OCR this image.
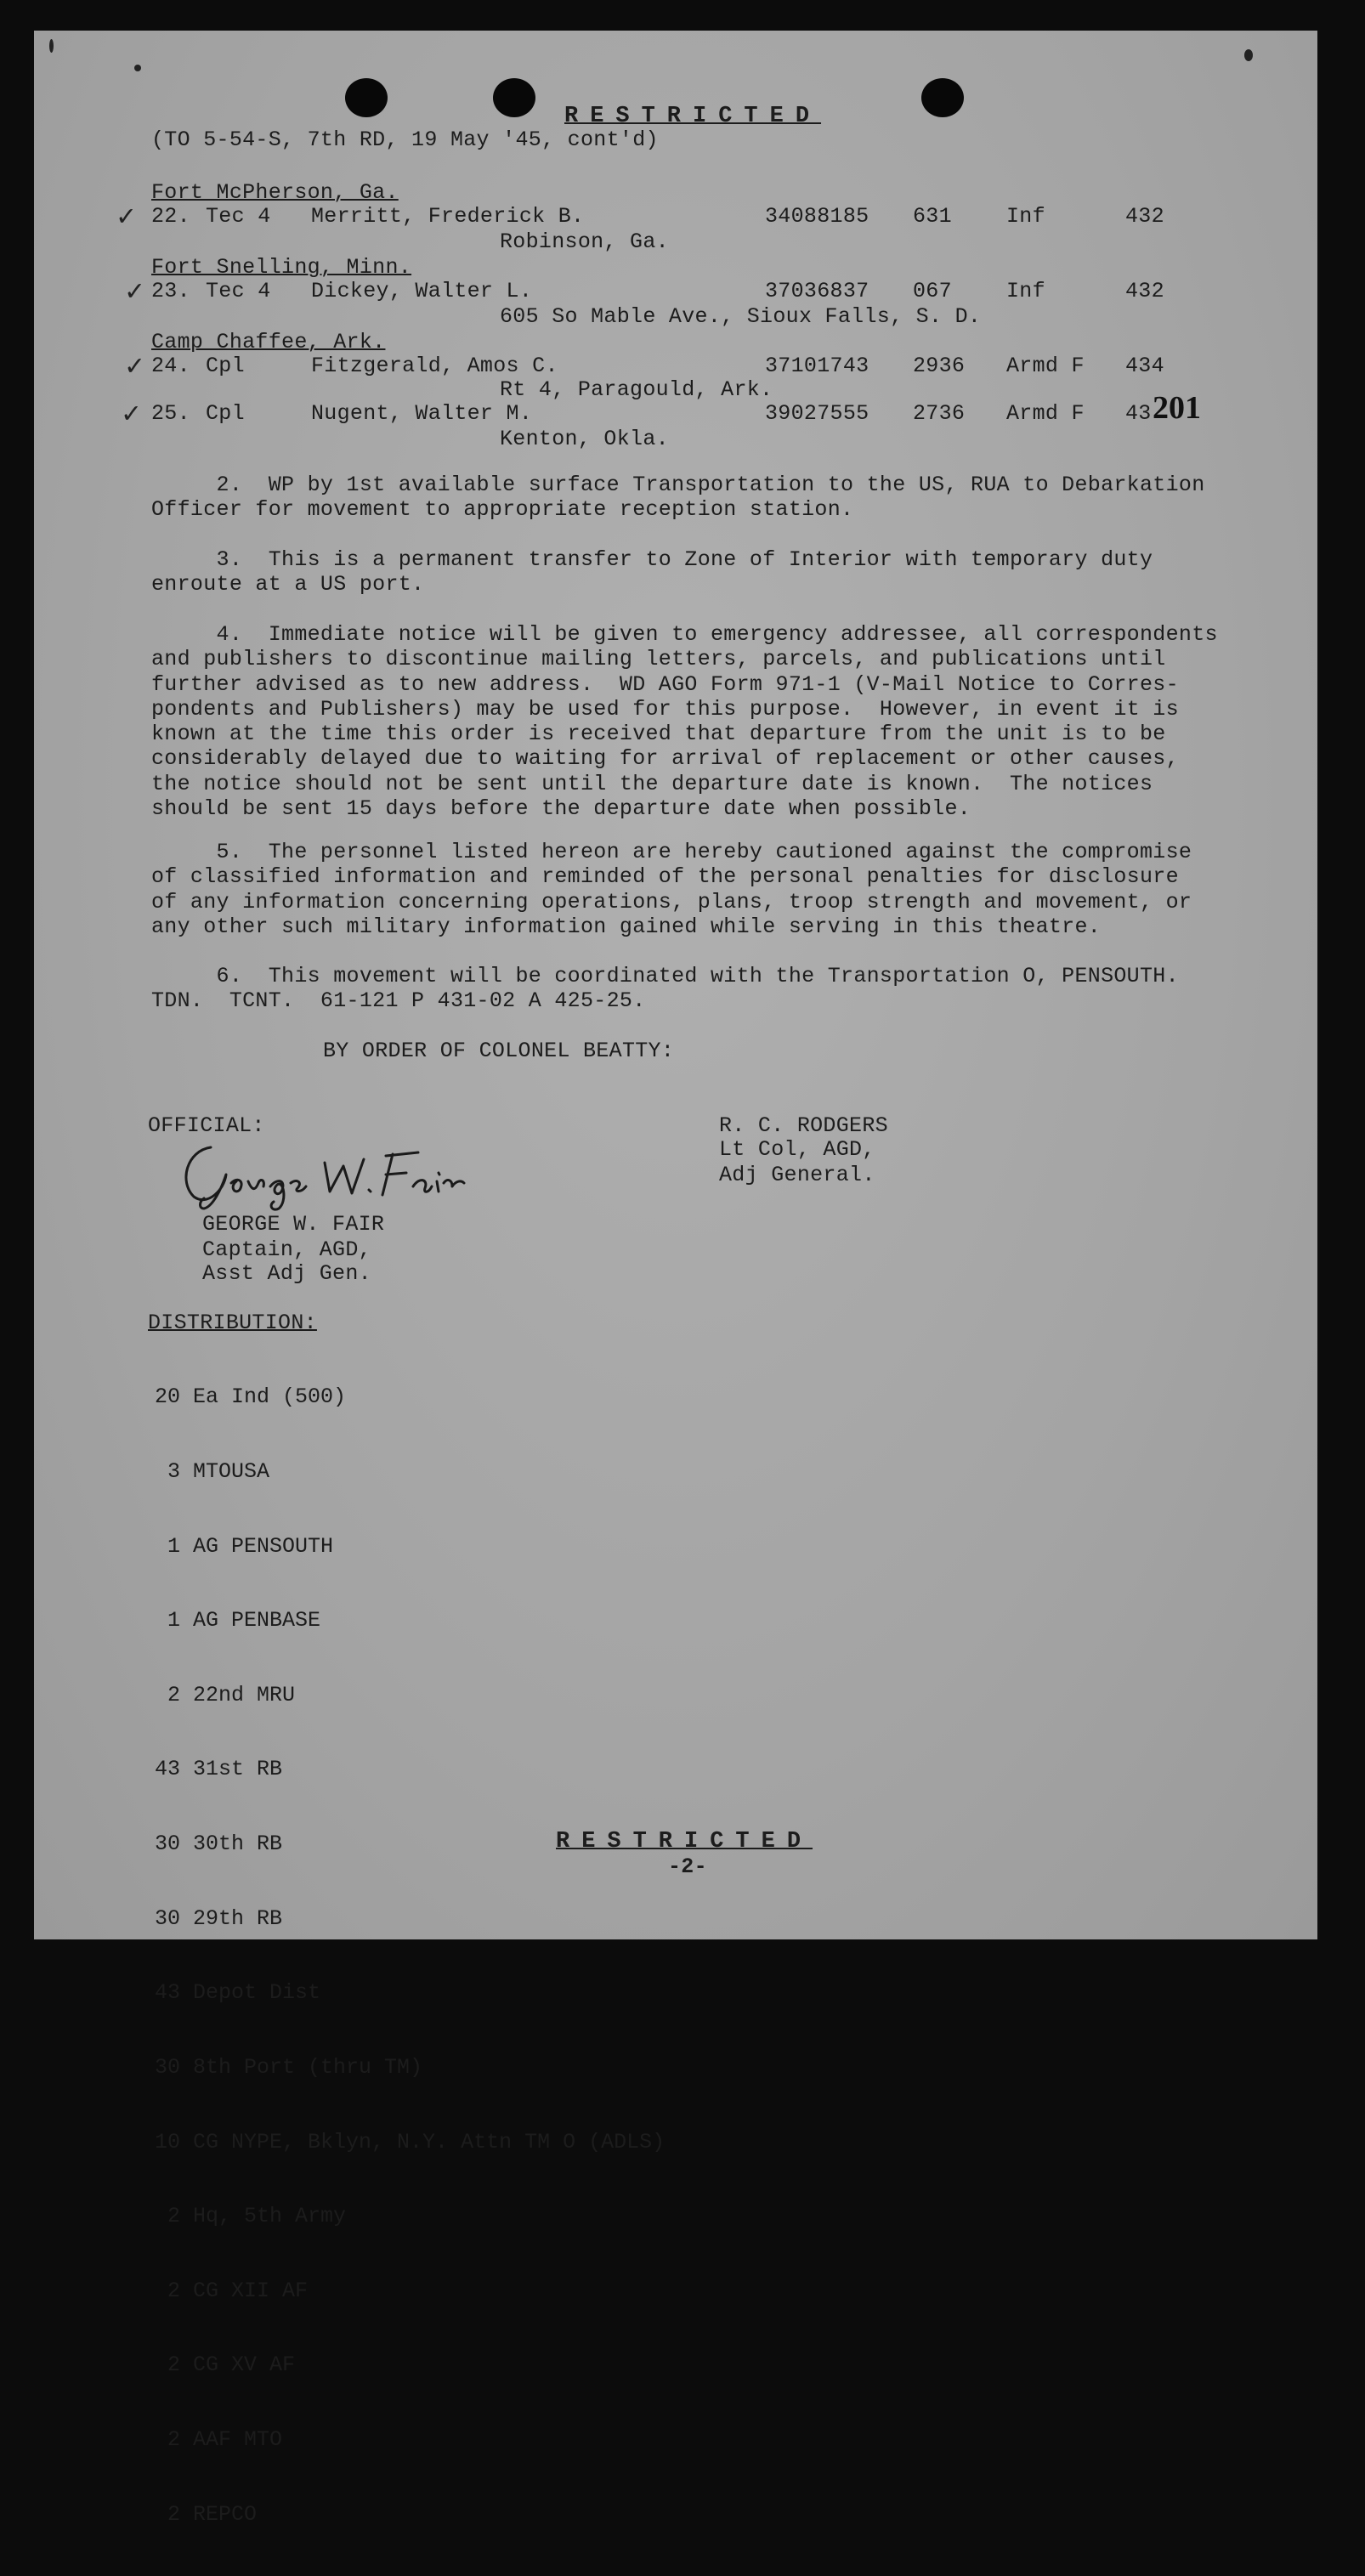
RESTRICTED
(TO 5-54-S, 7th RD, 19 May '45, cont'd)
Fort McPherson, Ga.
✓ 22. Tec 4 Merritt, Frederick B.	34088185 631	Inf	432
Robinson, Ga.
Fort Snelling, Minn.
✓ 23. Tec 4 Dickey, Walter L.	37036837 067	Inf	432
605 So Mable Ave., Sioux Falls, S. D.
Camp Chaffee, Ark.
✓ 24. Cpl	Fitzgerald, Amos C.	37101743 2936 Armd F 434
Rt 4, Paragould, Ark.
✓ 25. Cpl	Nugent, Walter M.	39027555 2736 Armd F 43 201
Kenton, Okla.
2.  WP by 1st available surface Transportation to the US, RUA to Debarkation
Officer for movement to appropriate reception station.
3.  This is a permanent transfer to Zone of Interior with temporary duty
enroute at a US port.
4.  Immediate notice will be given to emergency addressee, all correspondents
and publishers to discontinue mailing letters, parcels, and publications until
further advised as to new address.  WD AGO Form 971-1 (V-Mail Notice to Corres-
pondents and Publishers) may be used for this purpose.  However, in event it is
known at the time this order is received that departure from the unit is to be
considerably delayed due to waiting for arrival of replacement or other causes,
the notice should not be sent until the departure date is known.  The notices
should be sent 15 days before the departure date when possible.
5.  The personnel listed hereon are hereby cautioned against the compromise
of classified information and reminded of the personal penalties for disclosure
of any information concerning operations, plans, troop strength and movement, or
any other such military information gained while serving in this theatre.
6.  This movement will be coordinated with the Transportation O, PENSOUTH.
TDN.  TCNT.  61-121 P 431-02 A 425-25.
BY ORDER OF COLONEL BEATTY:
OFFICIAL:
GEORGE W. FAIR
Captain, AGD,
Asst Adj Gen.
R. C. RODGERS
Lt Col, AGD,
Adj General.
DISTRIBUTION:

20 Ea Ind (500)

3 MTOUSA

1 AG PENSOUTH

1 AG PENBASE

2 22nd MRU

43 31st RB

30 30th RB

30 29th RB

43 Depot Dist

30 8th Port (thru TM)

10 CG NYPE, Bklyn, N.Y. Attn TM O (ADLS)

2 Hq, 5th Army

2 CG XII AF

2 CG XV AF

2 AAF MTO

2 REPCO

RESTRICTED
-2-
